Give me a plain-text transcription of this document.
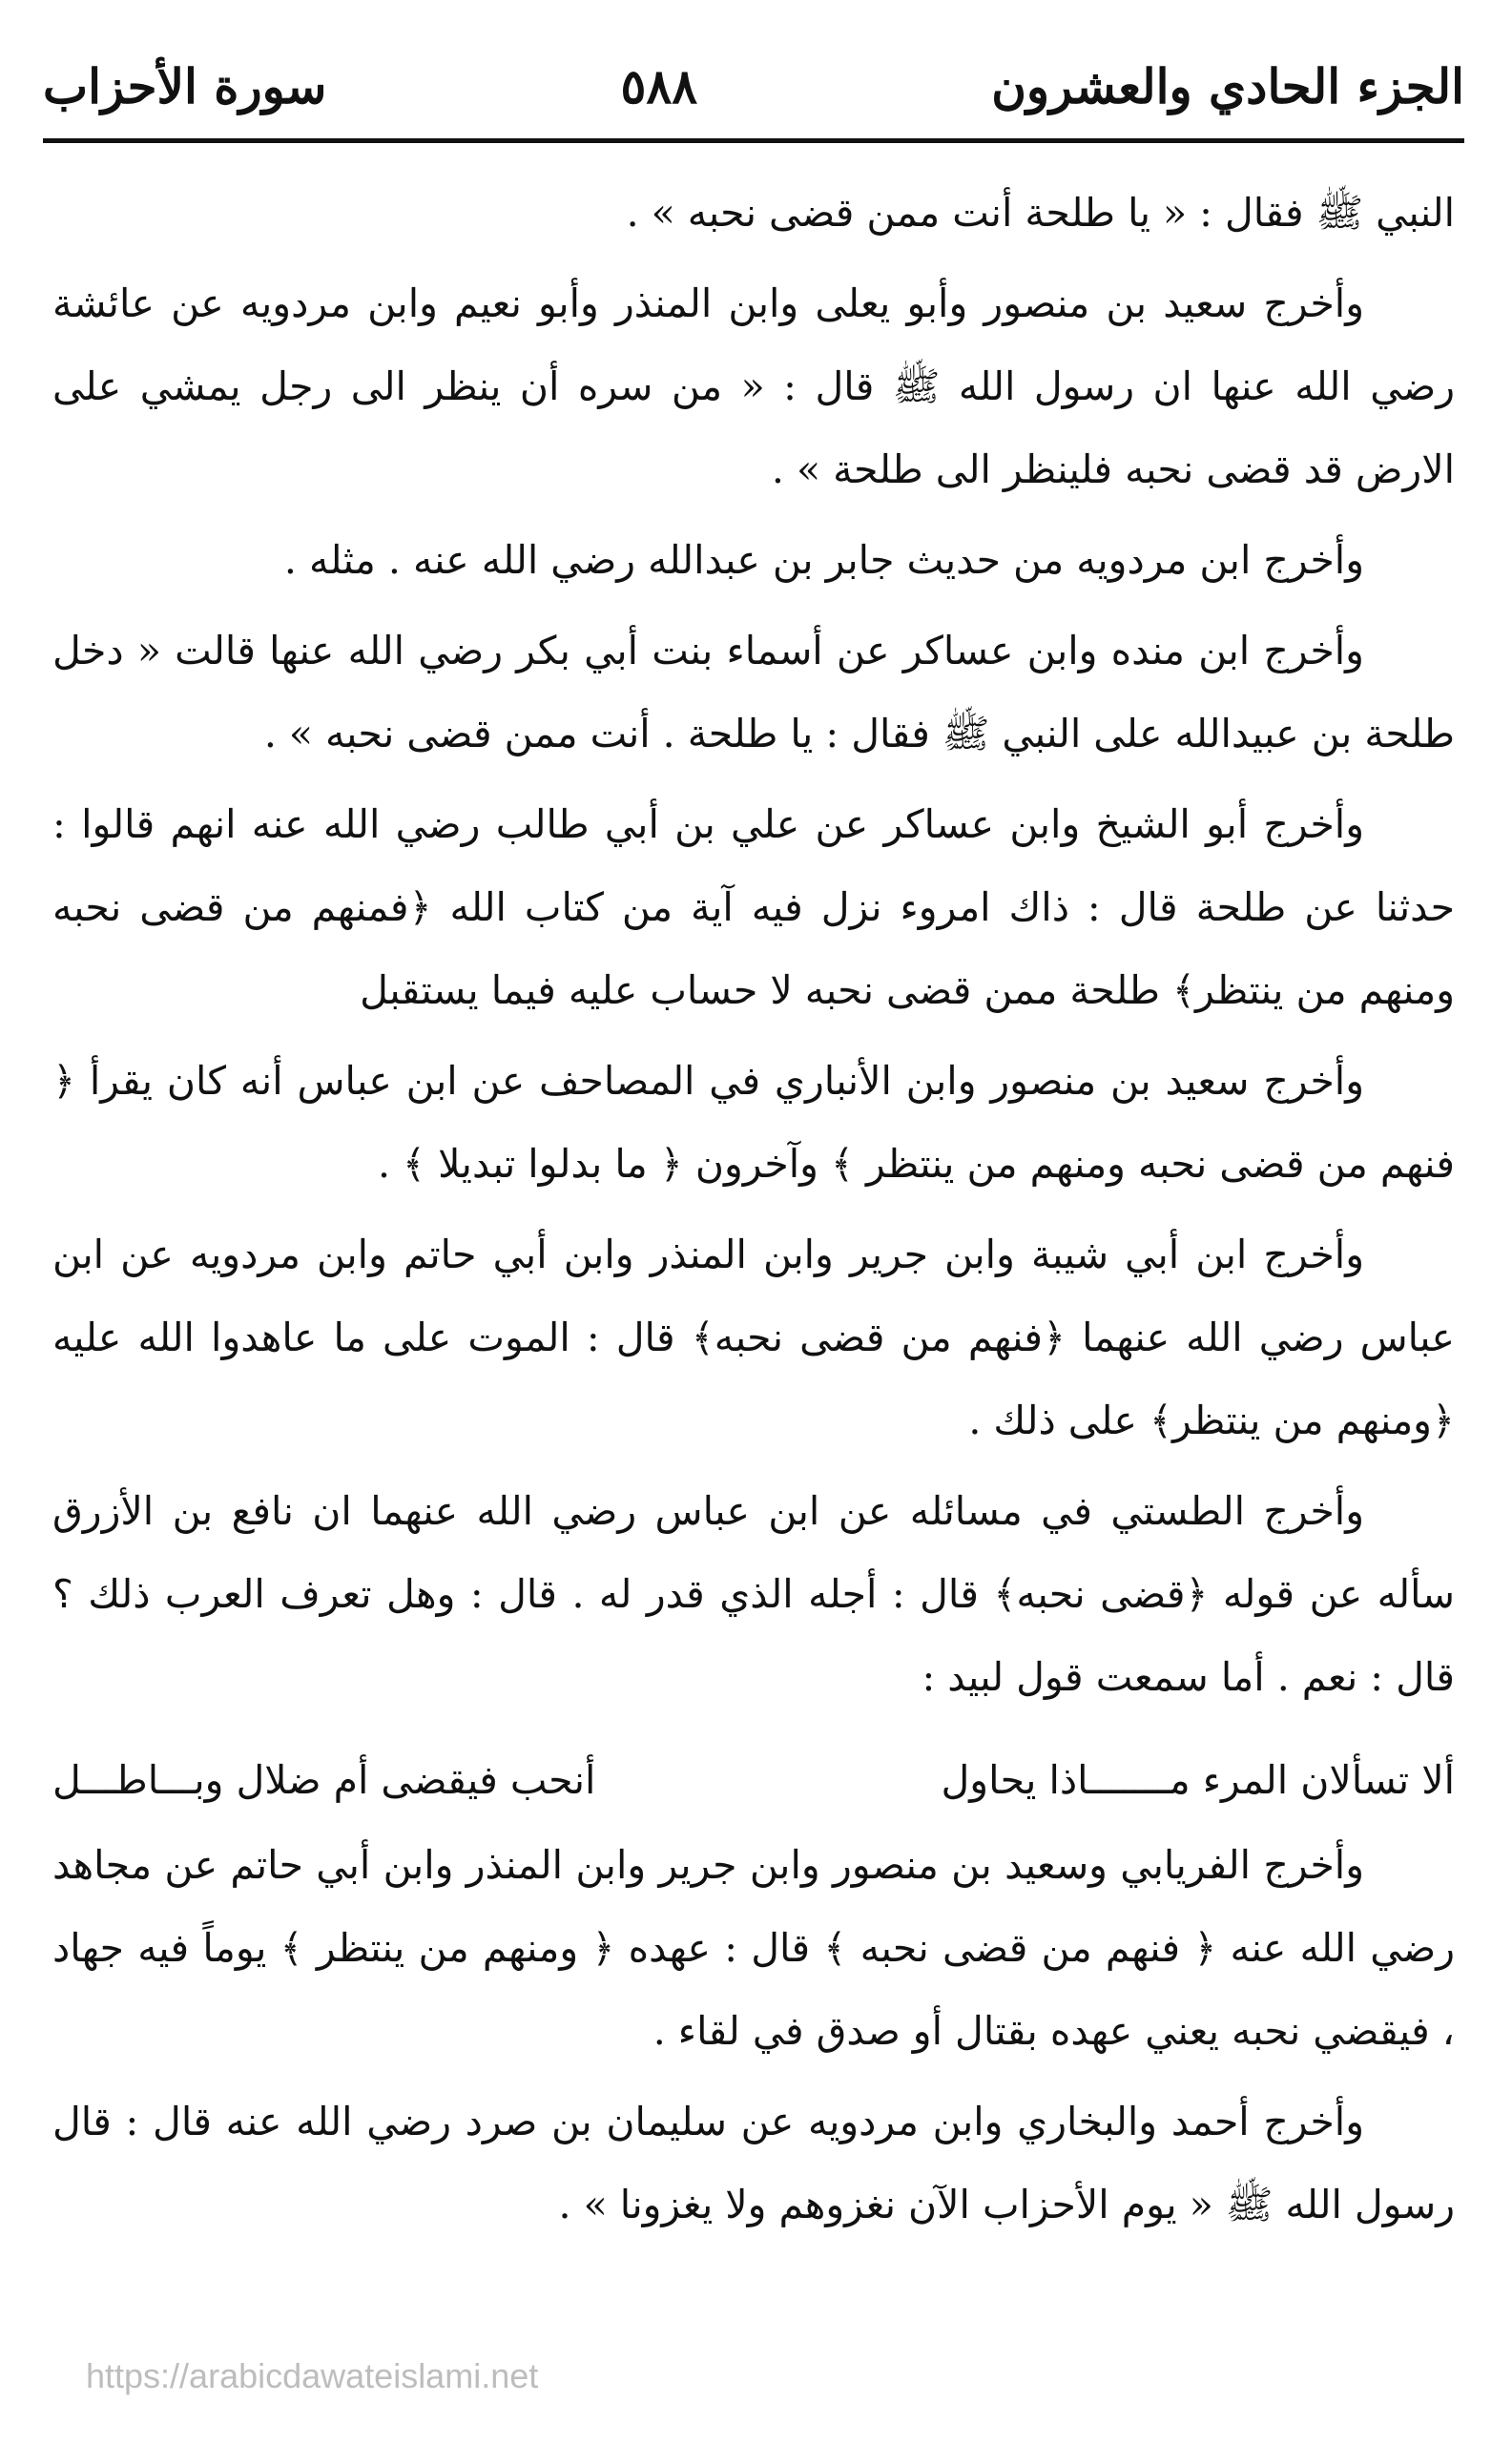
الجزء الحادي والعشرون
٥٨٨
سورة الأحزاب

النبي ﷺ فقال : « يا طلحة أنت ممن قضى نحبه » .

وأخرج سعيد بن منصور وأبو يعلى وابن المنذر وأبو نعيم وابن مردويه عن عائشة رضي الله عنها ان رسول الله ﷺ قال : « من سره أن ينظر الى رجل يمشي على الارض قد قضى نحبه فلينظر الى طلحة » .

وأخرج ابن مردويه من حديث جابر بن عبدالله رضي الله عنه . مثله .

وأخرج ابن منده وابن عساكر عن أسماء بنت أبي بكر رضي الله عنها قالت « دخل طلحة بن عبيدالله على النبي ﷺ فقال : يا طلحة . أنت ممن قضى نحبه » .

وأخرج أبو الشيخ وابن عساكر عن علي بن أبي طالب رضي الله عنه انهم قالوا : حدثنا عن طلحة قال : ذاك امروء نزل فيه آية من كتاب الله ﴿فمنهم من قضى نحبه ومنهم من ينتظر﴾ طلحة ممن قضى نحبه لا حساب عليه فيما يستقبل

وأخرج سعيد بن منصور وابن الأنباري في المصاحف عن ابن عباس أنه كان يقرأ ﴿ فنهم من قضى نحبه ومنهم من ينتظر ﴾ وآخرون ﴿ ما بدلوا تبديلا ﴾ .

وأخرج ابن أبي شيبة وابن جرير وابن المنذر وابن أبي حاتم وابن مردويه عن ابن عباس رضي الله عنهما ﴿فنهم من قضى نحبه﴾ قال : الموت على ما عاهدوا الله عليه ﴿ومنهم من ينتظر﴾ على ذلك .

وأخرج الطستي في مسائله عن ابن عباس رضي الله عنهما ان نافع بن الأزرق سأله عن قوله ﴿قضى نحبه﴾ قال : أجله الذي قدر له . قال : وهل تعرف العرب ذلك ؟ قال : نعم . أما سمعت قول لبيد :

ألا تسألان المرء مـــــــاذا يحاول
أنحب فيقضى أم ضلال وبـــاطـــل

وأخرج الفريابي وسعيد بن منصور وابن جرير وابن المنذر وابن أبي حاتم عن مجاهد رضي الله عنه ﴿ فنهم من قضى نحبه ﴾ قال : عهده ﴿ ومنهم من ينتظر ﴾ يوماً فيه جهاد ، فيقضي نحبه يعني عهده بقتال أو صدق في لقاء .

وأخرج أحمد والبخاري وابن مردويه عن سليمان بن صرد رضي الله عنه قال : قال رسول الله ﷺ « يوم الأحزاب الآن نغزوهم ولا يغزونا » .

https://arabicdawateislami.net
